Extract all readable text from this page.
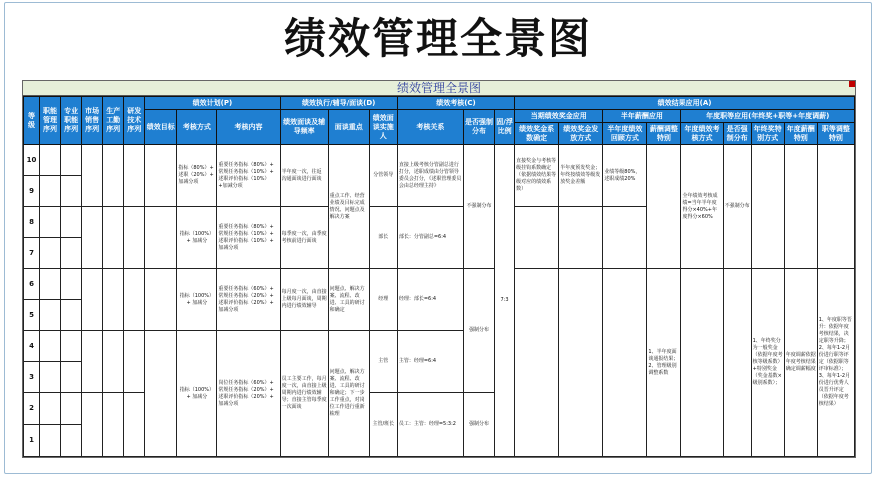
绩效管理全景图
绩效管理全景图
等级	职能管理序列	专业职能序列	市场销售序列	生产工勤序列	研发技术序列	绩效计划(P)			绩效执行/辅导/面谈(D)			绩效考核(C)			绩效结果应用(A)								
						绩效目标	考核方式	考核内容	绩效面谈及辅导频率	面谈重点	绩效面谈实施人	考核关系	是否强制分布	固/浮比例	当期绩效奖金应用		半年薪酬应用		年度职等应用(年终奖+职等+年度调薪)				
															绩效奖金系数确定	绩效奖金发放方式	半年度绩效回顾方式	薪酬调整特别	年度绩效考核方式	是否强制分布	年终奖特别方式	年度薪酬特别	职等调整特别
10							指标（80%）+ 述职（20%）+ 加减分项	重要任务指标（80%）+ 常规任务指标（10%）+ 述职评价指标（10%）+加减分项	半年度一次，往返 沟通面谈进行面谈	重点工作、经营业绩及目标完成情况、问题点及解决方案	分管领导	直接上级考核分管副总进行打分，述职成绩由分管领导委员会打分，《述职管理委员会由总经理主持》	不强制分布	7:3	直接奖金与考核等级挂钩系数确定（依据绩效结果等级对应的绩效系数）	半年度预发奖金；年终按绩效等级发放奖金差额	业绩等级80%，述职成绩20%		全年绩效考核成绩=当年半年度得分×40%+年度得分×60%	不强制分布			
9																							
8							指标（100%）+ 加减分	重要任务指标（80%）+ 常规任务指标（10%）+ 述职评价指标（10%）+ 加减分项	每季度一次，由季度考核前进行面谈		部长	部长：分管副总=6:4											
7																							
6							指标（100%）+ 加减分	重要任务指标（60%）+ 常规任务指标（20%）+ 述职评价指标（20%）+ 加减分项	每月度一次，由直接上级每月面谈，周期内进行绩效辅导	问题点、解决方案、流程、改进、工具的研讨和确定	经理	经理：部长=6:4	强制分布					1、半年度面谈通报结果；2、管理级别调整系数			1、年终奖分为一般奖金（依据年度考核等级系数）+特别奖金（奖金基数×级别系数）；	年度调薪依据年度考核结果确定调薪幅度	1、年度职等晋升：依据年度考核结果，决定职等升降；2、每年1-2月份进行职等评定（依据职等评审标准）；3、每年1-2月份进行优秀人员晋升评定（依据年度考核结果）
5																							
4							指标（100%）+ 加减分	岗位任务指标（60%）+ 常规任务指标（20%）+ 述职评价指标（20%）+ 加减分项	员工主要工作，每月度一次，由直接上级周期内进行绩效辅导；直接主管每季度一次面谈	问题点、解决方案、流程、改进、工具的研讨和确定；下一步工作重点，对岗位工作进行重新梳理	主管	主管：经理=6:4											
3																							
2											主管/班长	员工：主管：经理=5:3:2	强制分布										
1																							
